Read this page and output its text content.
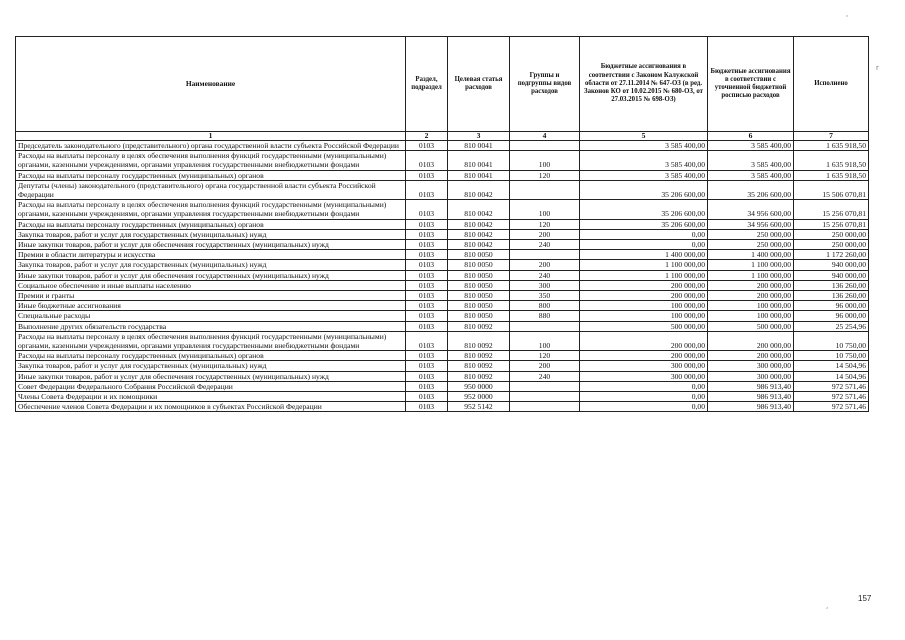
Наименование	Раздел, подраздел	Целевая статья расходов	Группы и подгруппы видов расходов	Бюджетные ассигнования в соответствии с Законом Калужской области от 27.11.2014 № 647-ОЗ (в ред. Законов КО от 10.02.2015 № 680-ОЗ, от 27.03.2015 № 698-ОЗ)	Бюджетные ассигнования в соответствии с уточненной бюджетной росписью расходов	Исполнено
1	2	3	4	5	6	7
Председатель законодательного (представительного) органа государственной власти субъекта Российской Федерации	0103	810 0041		3 585 400,00	3 585 400,00	1 635 918,50
Расходы на выплаты персоналу в целях обеспечения выполнения функций государственными (муниципальными) органами, казенными учреждениями, органами управления государственными внебюджетными фондами	0103	810 0041	100	3 585 400,00	3 585 400,00	1 635 918,50
Расходы на выплаты персоналу государственных (муниципальных) органов	0103	810 0041	120	3 585 400,00	3 585 400,00	1 635 918,50
Депутаты (члены) законодательного (представительного) органа государственной власти субъекта Российской Федерации	0103	810 0042		35 206 600,00	35 206 600,00	15 506 070,81
Расходы на выплаты персоналу в целях обеспечения выполнения функций государственными (муниципальными) органами, казенными учреждениями, органами управления государственными внебюджетными фондами	0103	810 0042	100	35 206 600,00	34 956 600,00	15 256 070,81
Расходы на выплаты персоналу государственных (муниципальных) органов	0103	810 0042	120	35 206 600,00	34 956 600,00	15 256 070,81
Закупка товаров, работ и услуг для государственных (муниципальных) нужд	0103	810 0042	200	0,00	250 000,00	250 000,00
Иные закупки товаров, работ и услуг для обеспечения государственных (муниципальных) нужд	0103	810 0042	240	0,00	250 000,00	250 000,00
Премии в области литературы и искусства	0103	810 0050		1 400 000,00	1 400 000,00	1 172 260,00
Закупка товаров, работ и услуг для государственных (муниципальных) нужд	0103	810 0050	200	1 100 000,00	1 100 000,00	940 000,00
Иные закупки товаров, работ и услуг для обеспечения государственных (муниципальных) нужд	0103	810 0050	240	1 100 000,00	1 100 000,00	940 000,00
Социальное обеспечение и иные выплаты населению	0103	810 0050	300	200 000,00	200 000,00	136 260,00
Премии и гранты	0103	810 0050	350	200 000,00	200 000,00	136 260,00
Иные бюджетные ассигнования	0103	810 0050	800	100 000,00	100 000,00	96 000,00
Специальные расходы	0103	810 0050	880	100 000,00	100 000,00	96 000,00
Выполнение других обязательств государства	0103	810 0092		500 000,00	500 000,00	25 254,96
Расходы на выплаты персоналу в целях обеспечения выполнения функций государственными (муниципальными) органами, казенными учреждениями, органами управления государственными внебюджетными фондами	0103	810 0092	100	200 000,00	200 000,00	10 750,00
Расходы на выплаты персоналу государственных (муниципальных) органов	0103	810 0092	120	200 000,00	200 000,00	10 750,00
Закупка товаров, работ и услуг для государственных (муниципальных) нужд	0103	810 0092	200	300 000,00	300 000,00	14 504,96
Иные закупки товаров, работ и услуг для обеспечения государственных (муниципальных) нужд	0103	810 0092	240	300 000,00	300 000,00	14 504,96
Совет Федерации Федерального Собрания Российской Федерации	0103	950 0000		0,00	986 913,40	972 571,46
Члены Совета Федерации и их помощники	0103	952 0000		0,00	986 913,40	972 571,46
Обеспечение членов Совета Федерации и их помощников в субъектах Российской Федерации	0103	952 5142		0,00	986 913,40	972 571,46
157
'
r
,
